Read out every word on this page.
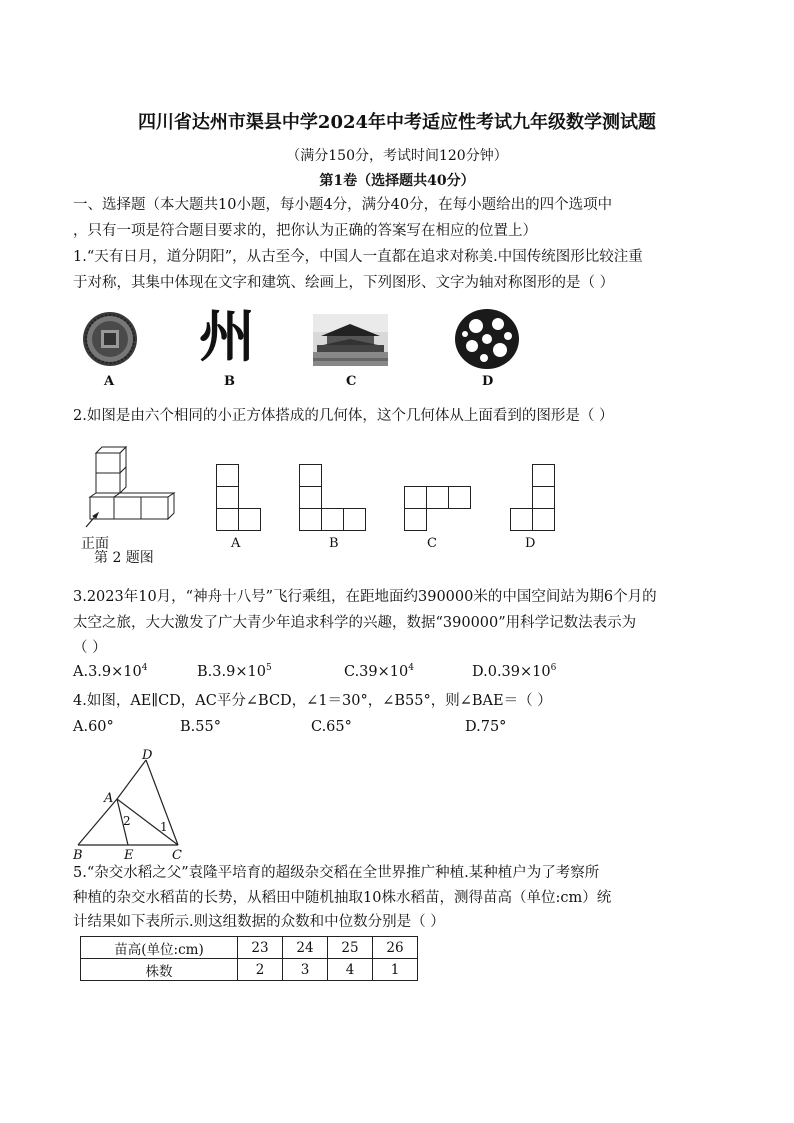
四川省达州市渠县中学2024年中考适应性考试九年级数学测试题
（满分150分，考试时间120分钟）
第1卷（选择题共40分）
一、选择题（本大题共10小题，每小题4分，满分40分，在每小题给出的四个选项中
，只有一项是符合题目要求的，把你认为正确的答案写在相应的位置上）
1.“天有日月，道分阴阳”，从古至今，中国人一直都在追求对称美.中国传统图形比较注重
于对称，其集中体现在文字和建筑、绘画上，下列图形、文字为轴对称图形的是（ ）
A
州
B	C	D
2.如图是由六个相同的小正方体搭成的几何体，这个几何体从上面看到的图形是（ ）
正面
第 2 题图
A	B	C	D
3.2023年10月，“神舟十八号”飞行乘组，在距地面约390000米的中国空间站为期6个月的
太空之旅，大大激发了广大青少年追求科学的兴趣，数据“390000”用科学记数法表示为
（ ）
$A.3.9\times 10^4$	$B.3.9\times 10^5$	$C.39\times 10^4$	$D.0.39\times 10^6$
4.如图，AE∥CD，AC平分∠BCD，∠1＝30°，∠B55°，则∠BAE＝（ ）
A.60°	B.55°	C.65°	D.75°
D
A
B	E	C
1
2
5.“杂交水稻之父”袁隆平培育的超级杂交稻在全世界推广种植.某种植户为了考察所
种植的杂交水稻苗的长势，从稻田中随机抽取10株水稻苗，测得苗高（单位:cm）统
计结果如下表所示.则这组数据的众数和中位数分别是（ ）
苗高(单位:cm)	23	24	25	26
株数	2	3	4	1
